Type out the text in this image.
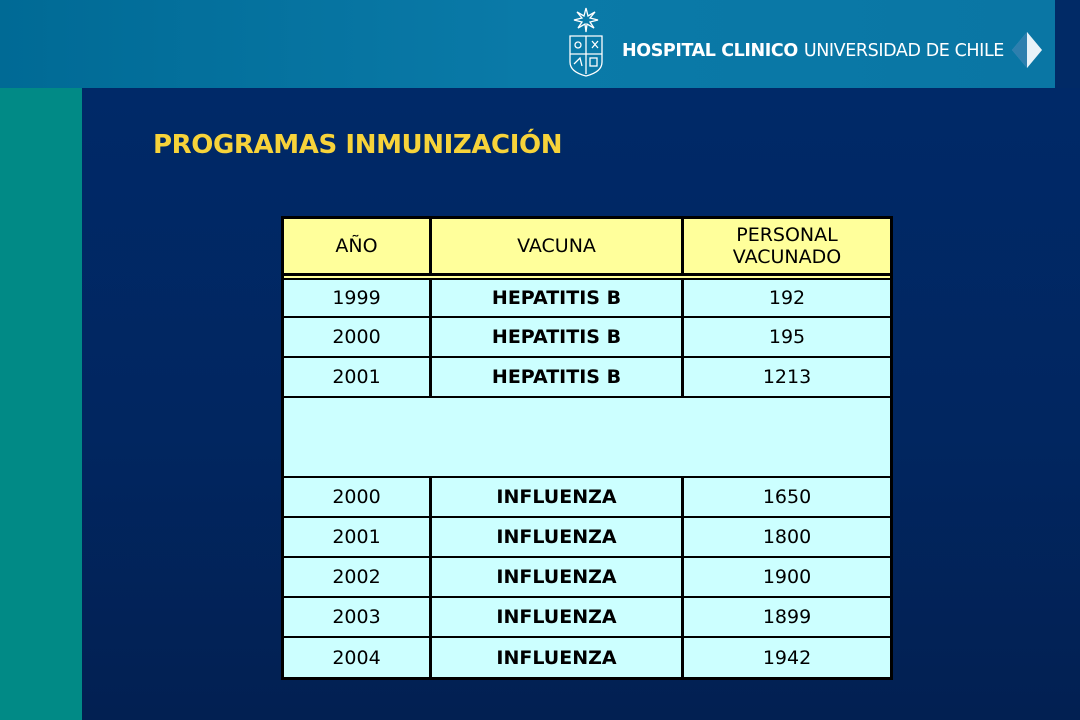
HOSPITAL CLINICO UNIVERSIDAD DE CHILE
PROGRAMAS INMUNIZACIÓN
AÑO	VACUNA	PERSONAL VACUNADO
1999	HEPATITIS B	192
2000	HEPATITIS B	195
2001	HEPATITIS B	1213
2000	INFLUENZA	1650
2001	INFLUENZA	1800
2002	INFLUENZA	1900
2003	INFLUENZA	1899
2004	INFLUENZA	1942
